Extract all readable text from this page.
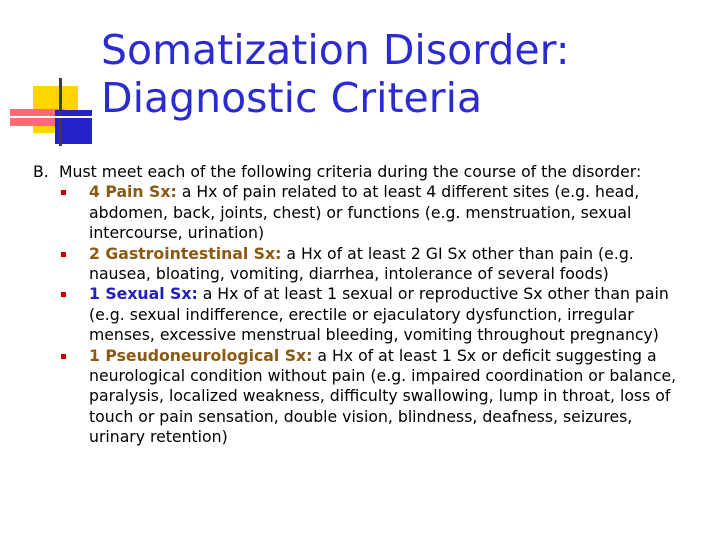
Somatization Disorder:
Diagnostic Criteria

B. Must meet each of the following criteria during the course of the disorder:

4 Pain Sx: a Hx of pain related to at least 4 different sites (e.g. head, abdomen, back, joints, chest) or functions (e.g. menstruation, sexual intercourse, urination)
2 Gastrointestinal Sx: a Hx of at least 2 GI Sx other than pain (e.g. nausea, bloating, vomiting, diarrhea, intolerance of several foods)
1 Sexual Sx: a Hx of at least 1 sexual or reproductive Sx other than pain (e.g. sexual indifference, erectile or ejaculatory dysfunction, irregular menses, excessive menstrual bleeding, vomiting throughout pregnancy)
1 Pseudoneurological Sx: a Hx of at least 1 Sx or deficit suggesting a neurological condition without pain (e.g. impaired coordination or balance, paralysis, localized weakness, difficulty swallowing, lump in throat, loss of touch or pain sensation, double vision, blindness, deafness, seizures, urinary retention)
